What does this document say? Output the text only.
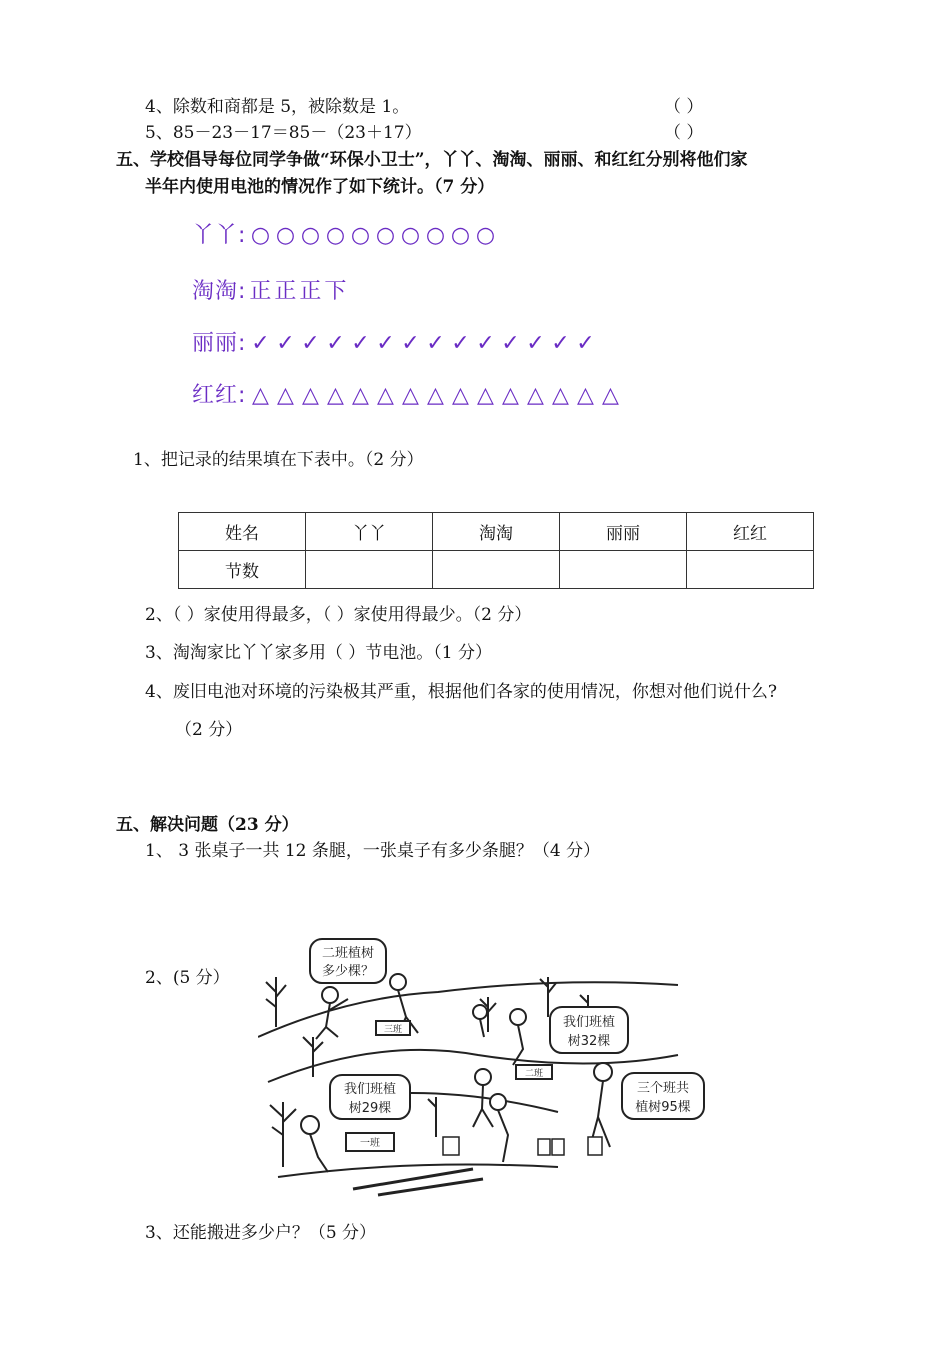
4、除数和商都是 5，被除数是 1。	（ ）
5、85－23－17＝85－（23＋17）	（ ）
五、学校倡导每位同学争做“环保小卫士”，丫丫、淘淘、丽丽、和红红分别将他们家
半年内使用电池的情况作了如下统计。（7 分）
丫丫: ○ ○ ○ ○ ○ ○ ○ ○ ○ ○
淘淘: 正正正下
丽丽: ✓ ✓ ✓ ✓ ✓ ✓ ✓ ✓ ✓ ✓ ✓ ✓ ✓ ✓
红红: △ △ △ △ △ △ △ △ △ △ △ △ △ △ △
1、把记录的结果填在下表中。（2 分）
姓名	丫丫	淘淘	丽丽	红红
节数				
2、（ ）家使用得最多，（ ）家使用得最少。（2 分）
3、淘淘家比丫丫家多用（ ）节电池。（1 分）
4、废旧电池对环境的污染极其严重，根据他们各家的使用情况，你想对他们说什么?
（2 分）
五、解决问题（23 分）
1、 3 张桌子一共 12 条腿，一张桌子有多少条腿？（4 分）
2、(5 分）
三班
二班
一班
二班植树
多少棵？
我们班植
树32棵
我们班植
树29棵
三个班共
植树95棵
3、还能搬进多少户？（5 分）
